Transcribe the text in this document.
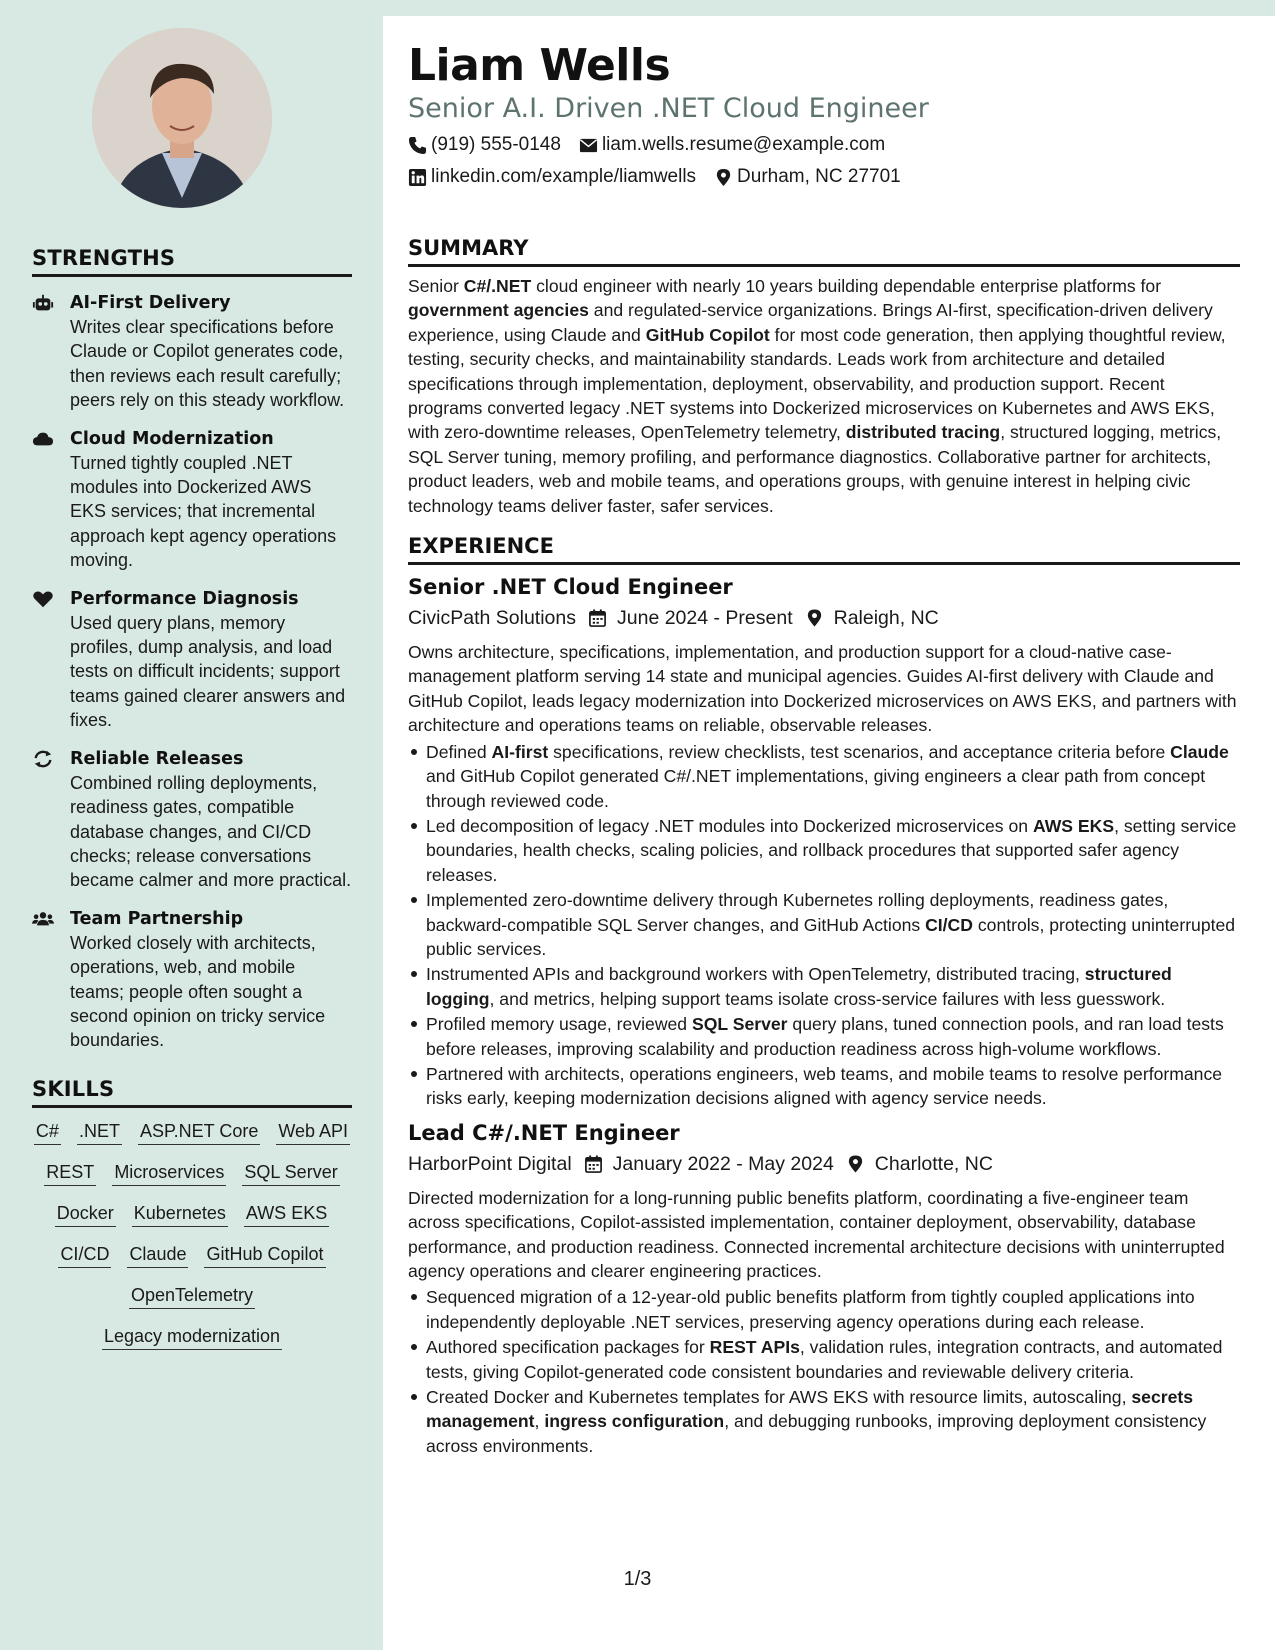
STRENGTHS
AI-First Delivery
Writes clear specifications before Claude or Copilot generates code, then reviews each result carefully; peers rely on this steady workflow.
Cloud Modernization
Turned tightly coupled .NET modules into Dockerized AWS EKS services; that incremental approach kept agency operations moving.
Performance Diagnosis
Used query plans, memory profiles, dump analysis, and load tests on difficult incidents; support teams gained clearer answers and fixes.
Reliable Releases
Combined rolling deployments, readiness gates, compatible database changes, and CI/CD checks; release conversations became calmer and more practical.
Team Partnership
Worked closely with architects, operations, web, and mobile teams; people often sought a second opinion on tricky service boundaries.
SKILLS
C# .NET ASP.NET Core Web API
REST Microservices SQL Server
Docker Kubernetes AWS EKS
CI/CD Claude GitHub Copilot
OpenTelemetry
Legacy modernization
Liam Wells
Senior A.I. Driven .NET Cloud Engineer
(919) 555-0148 liam.wells.resume@example.com
linkedin.com/example/liamwells Durham, NC 27701
SUMMARY

Senior C#/.NET cloud engineer with nearly 10 years building dependable enterprise platforms for government agencies and regulated-service organizations. Brings AI-first, specification-driven delivery experience, using Claude and GitHub Copilot for most code generation, then applying thoughtful review, testing, security checks, and maintainability standards. Leads work from architecture and detailed specifications through implementation, deployment, observability, and production support. Recent programs converted legacy .NET systems into Dockerized microservices on Kubernetes and AWS EKS, with zero-downtime releases, OpenTelemetry telemetry, distributed tracing, structured logging, metrics, SQL Server tuning, memory profiling, and performance diagnostics. Collaborative partner for architects, product leaders, web and mobile teams, and operations groups, with genuine interest in helping civic technology teams deliver faster, safer services.

EXPERIENCE
Senior .NET Cloud Engineer
CivicPath Solutions June 2024 - Present Raleigh, NC

Owns architecture, specifications, implementation, and production support for a cloud-native case-management platform serving 14 state and municipal agencies. Guides AI-first delivery with Claude and GitHub Copilot, leads legacy modernization into Dockerized microservices on AWS EKS, and partners with architecture and operations teams on reliable, observable releases.

Defined AI-first specifications, review checklists, test scenarios, and acceptance criteria before Claude and GitHub Copilot generated C#/.NET implementations, giving engineers a clear path from concept through reviewed code.
Led decomposition of legacy .NET modules into Dockerized microservices on AWS EKS, setting service boundaries, health checks, scaling policies, and rollback procedures that supported safer agency releases.
Implemented zero-downtime delivery through Kubernetes rolling deployments, readiness gates, backward-compatible SQL Server changes, and GitHub Actions CI/CD controls, protecting uninterrupted public services.
Instrumented APIs and background workers with OpenTelemetry, distributed tracing, structured logging, and metrics, helping support teams isolate cross-service failures with less guesswork.
Profiled memory usage, reviewed SQL Server query plans, tuned connection pools, and ran load tests before releases, improving scalability and production readiness across high-volume workflows.
Partnered with architects, operations engineers, web teams, and mobile teams to resolve performance risks early, keeping modernization decisions aligned with agency service needs.
Lead C#/.NET Engineer
HarborPoint Digital January 2022 - May 2024 Charlotte, NC

Directed modernization for a long-running public benefits platform, coordinating a five-engineer team across specifications, Copilot-assisted implementation, container deployment, observability, database performance, and production readiness. Connected incremental architecture decisions with uninterrupted agency operations and clearer engineering practices.

Sequenced migration of a 12-year-old public benefits platform from tightly coupled applications into independently deployable .NET services, preserving agency operations during each release.
Authored specification packages for REST APIs, validation rules, integration contracts, and automated tests, giving Copilot-generated code consistent boundaries and reviewable delivery criteria.
Created Docker and Kubernetes templates for AWS EKS with resource limits, autoscaling, secrets management, ingress configuration, and debugging runbooks, improving deployment consistency across environments.
1/3
